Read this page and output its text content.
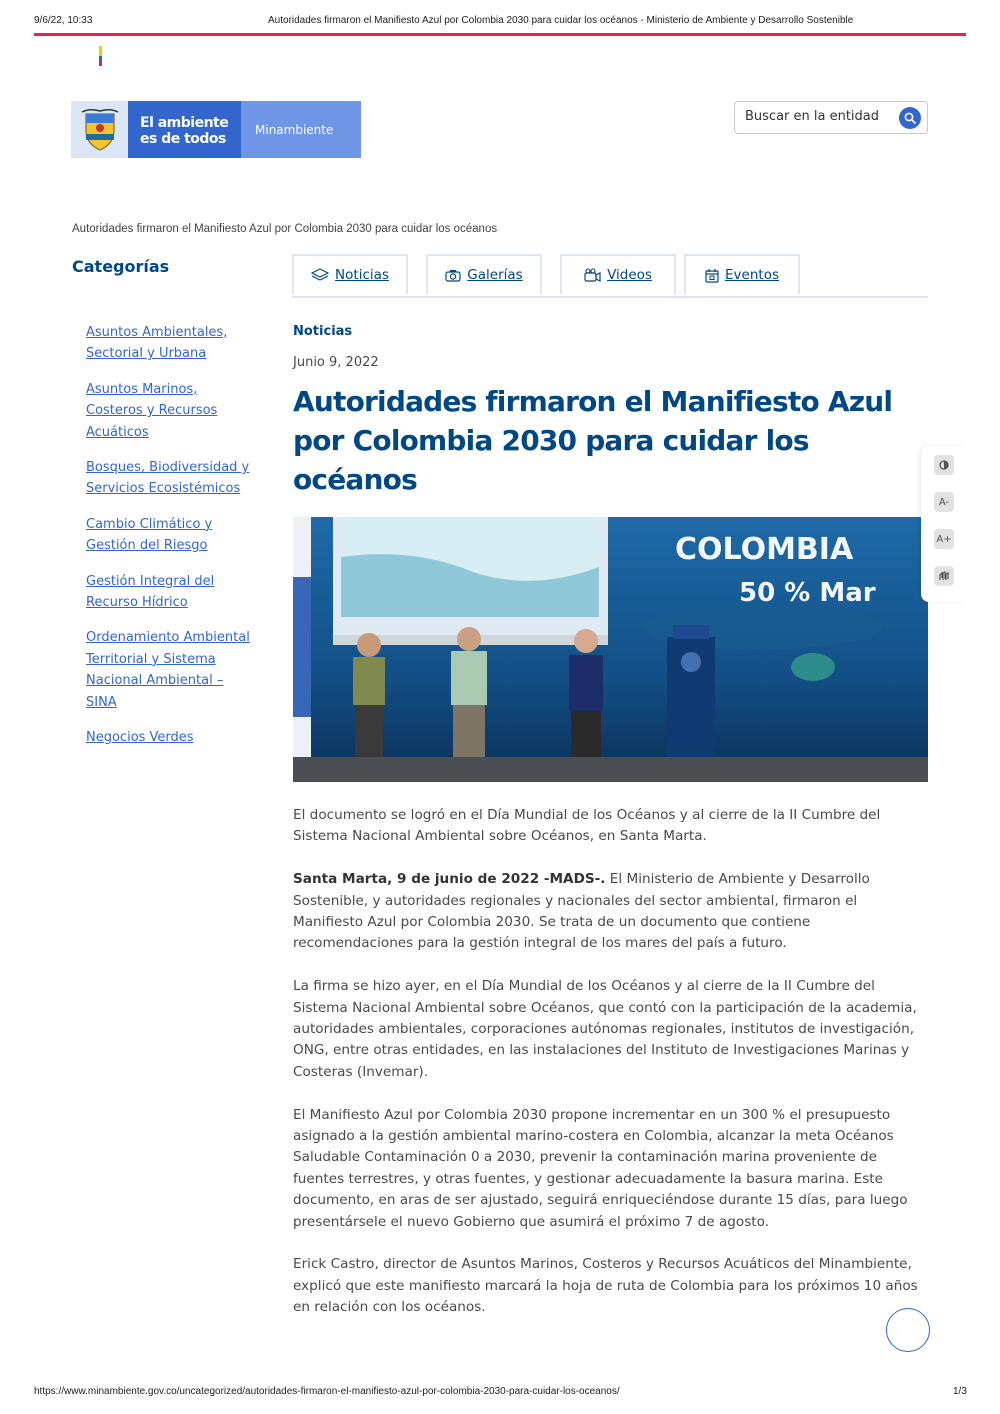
9/6/22, 10:33	Autoridades firmaron el Manifiesto Azul por Colombia 2030 para cuidar los océanos - Ministerio de Ambiente y Desarrollo Sostenible
El ambiente
es de todos
Minambiente
Buscar en la entidad
Autoridades firmaron el Manifiesto Azul por Colombia 2030 para cuidar los océanos
Categorías	Noticias	Galerías	Videos	Eventos
Asuntos Ambientales, Sectorial y Urbana
Asuntos Marinos, Costeros y Recursos Acuáticos
Bosques, Biodiversidad y Servicios Ecosistémicos
Cambio Climático y Gestión del Riesgo
Gestión Integral del Recurso Hídrico
Ordenamiento Ambiental Territorial y Sistema Nacional Ambiental – SINA
Negocios Verdes
Noticias
Junio 9, 2022
Autoridades firmaron el Manifiesto Azul por Colombia 2030 para cuidar los océanos
COLOMBIA
50 % Mar
A-
A+

El documento se logró en el Día Mundial de los Océanos y al cierre de la II Cumbre del Sistema Nacional Ambiental sobre Océanos, en Santa Marta.

Santa Marta, 9 de junio de 2022 -MADS-. El Ministerio de Ambiente y Desarrollo Sostenible, y autoridades regionales y nacionales del sector ambiental, firmaron el Manifiesto Azul por Colombia 2030. Se trata de un documento que contiene recomendaciones para la gestión integral de los mares del país a futuro.

La firma se hizo ayer, en el Día Mundial de los Océanos y al cierre de la II Cumbre del Sistema Nacional Ambiental sobre Océanos, que contó con la participación de la academia, autoridades ambientales, corporaciones autónomas regionales, institutos de investigación, ONG, entre otras entidades, en las instalaciones del Instituto de Investigaciones Marinas y Costeras (Invemar).

El Manifiesto Azul por Colombia 2030 propone incrementar en un 300 % el presupuesto asignado a la gestión ambiental marino-costera en Colombia, alcanzar la meta Océanos Saludable Contaminación 0 a 2030, prevenir la contaminación marina proveniente de fuentes terrestres, y otras fuentes, y gestionar adecuadamente la basura marina. Este documento, en aras de ser ajustado, seguirá enriqueciéndose durante 15 días, para luego presentársele el nuevo Gobierno que asumirá el próximo 7 de agosto.

Erick Castro, director de Asuntos Marinos, Costeros y Recursos Acuáticos del Minambiente, explicó que este manifiesto marcará la hoja de ruta de Colombia para los próximos 10 años en relación con los océanos.

https://www.minambiente.gov.co/uncategorized/autoridades-firmaron-el-manifiesto-azul-por-colombia-2030-para-cuidar-los-oceanos/	1/3
